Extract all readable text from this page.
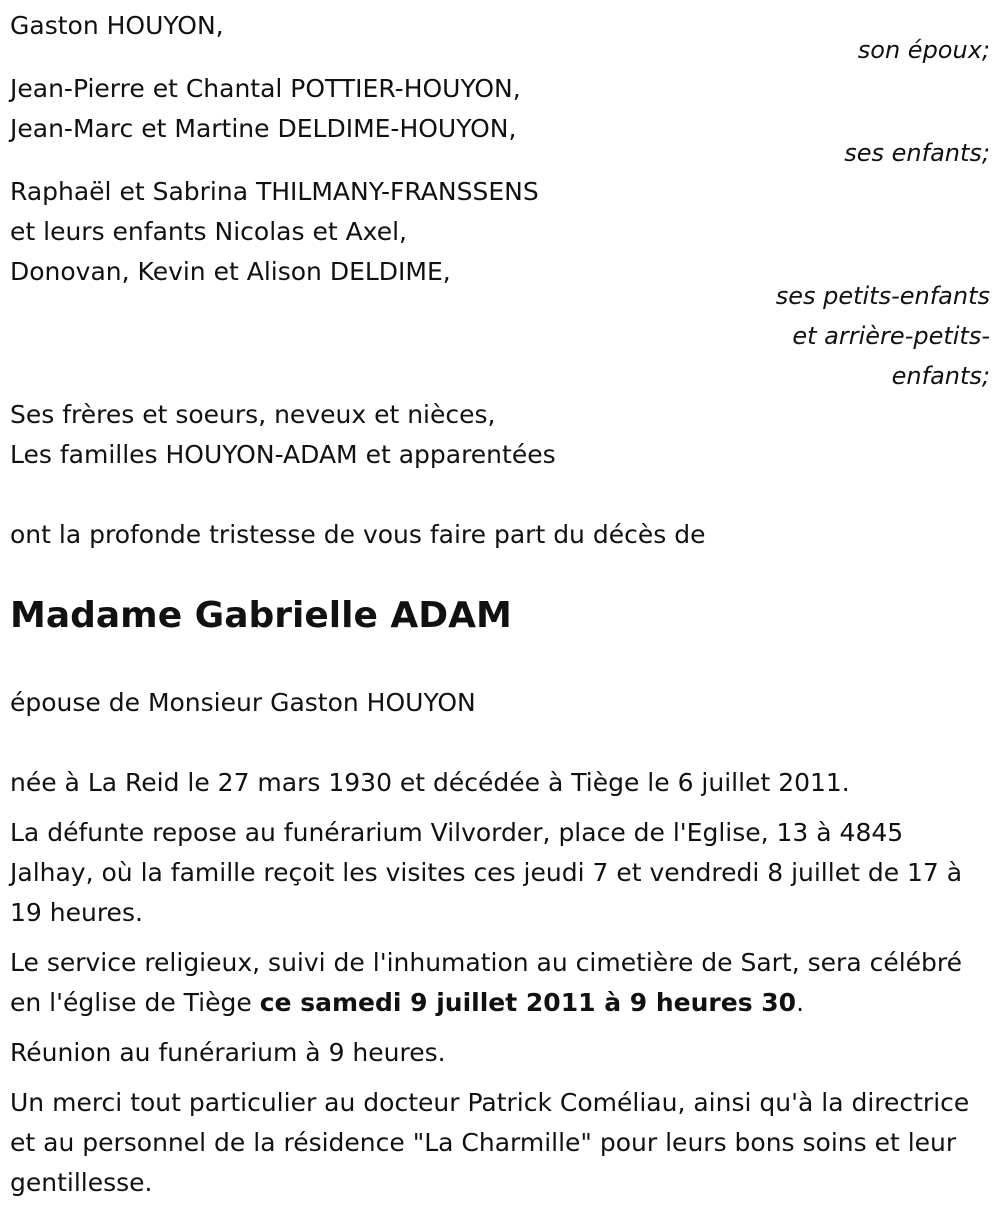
Gaston HOUYON,
son époux;
Jean-Pierre et Chantal POTTIER-HOUYON,
Jean-Marc et Martine DELDIME-HOUYON,
ses enfants;
Raphaël et Sabrina THILMANY-FRANSSENS
et leurs enfants Nicolas et Axel,
Donovan, Kevin et Alison DELDIME,
ses petits-enfants
et arrière-petits-
enfants;
Ses frères et soeurs, neveux et nièces,
Les familles HOUYON-ADAM et apparentées
ont la profonde tristesse de vous faire part du décès de
Madame Gabrielle ADAM
épouse de Monsieur Gaston HOUYON

née à La Reid le 27 mars 1930 et décédée à Tiège le 6 juillet 2011.

La défunte repose au funérarium Vilvorder, place de l'Eglise, 13 à 4845 Jalhay, où la famille reçoit les visites ces jeudi 7 et vendredi 8 juillet de 17 à 19 heures.

Le service religieux, suivi de l'inhumation au cimetière de Sart, sera célébré en l'église de Tiège ce samedi 9 juillet 2011 à 9 heures 30.

Réunion au funérarium à 9 heures.

Un merci tout particulier au docteur Patrick Coméliau, ainsi qu'à la directrice et au personnel de la résidence "La Charmille" pour leurs bons soins et leur gentillesse.
